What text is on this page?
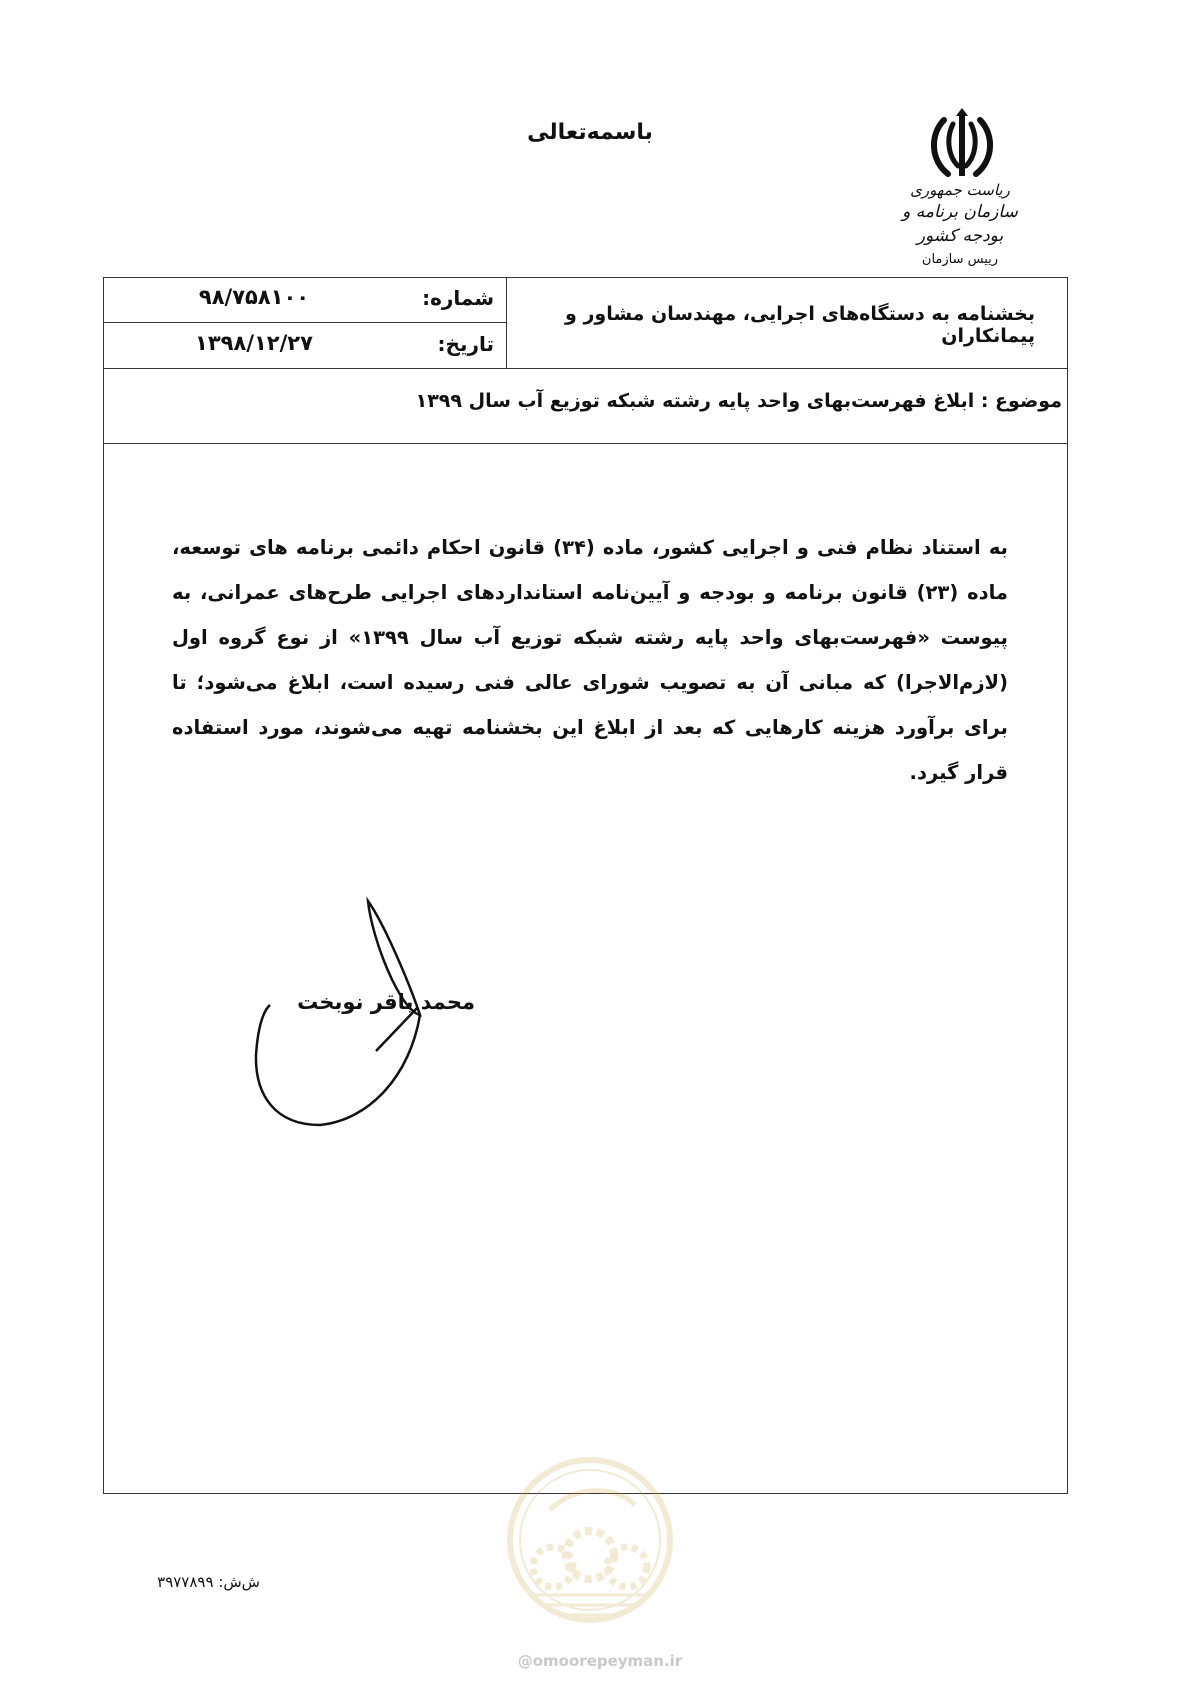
باسمه‌تعالی
ریاست جمهوری
سازمان برنامه و بودجه کشور
رییس سازمان
شماره:
۹۸/۷۵۸۱۰۰
تاریخ:
۱۳۹۸/۱۲/۲۷
بخشنامه به دستگاه‌های اجرایی، مهندسان مشاور و پیمانکاران
موضوع : ابلاغ فهرست‌بهای واحد پایه رشته شبکه توزیع آب سال ۱۳۹۹
به استناد نظام فنی و اجرایی کشور، ماده (۳۴) قانون احکام دائمی برنامه های توسعه، ماده (۲۳) قانون برنامه و بودجه و آیین‌نامه استانداردهای اجرایی طرح‌های عمرانی، به پیوست «فهرست‌بهای واحد پایه رشته شبکه توزیع آب سال ۱۳۹۹» از نوع گروه اول (لازم‌الاجرا) که مبانی آن به تصویب شورای عالی فنی رسیده است، ابلاغ می‌شود؛ تا برای برآورد هزینه کارهایی که بعد از ابلاغ این بخشنامه تهیه می‌شوند، مورد استفاده قرار گیرد.
محمد باقر نوبخت
ش‌ش: ۳۹۷۷۸۹۹
@omoorepeyman.ir
